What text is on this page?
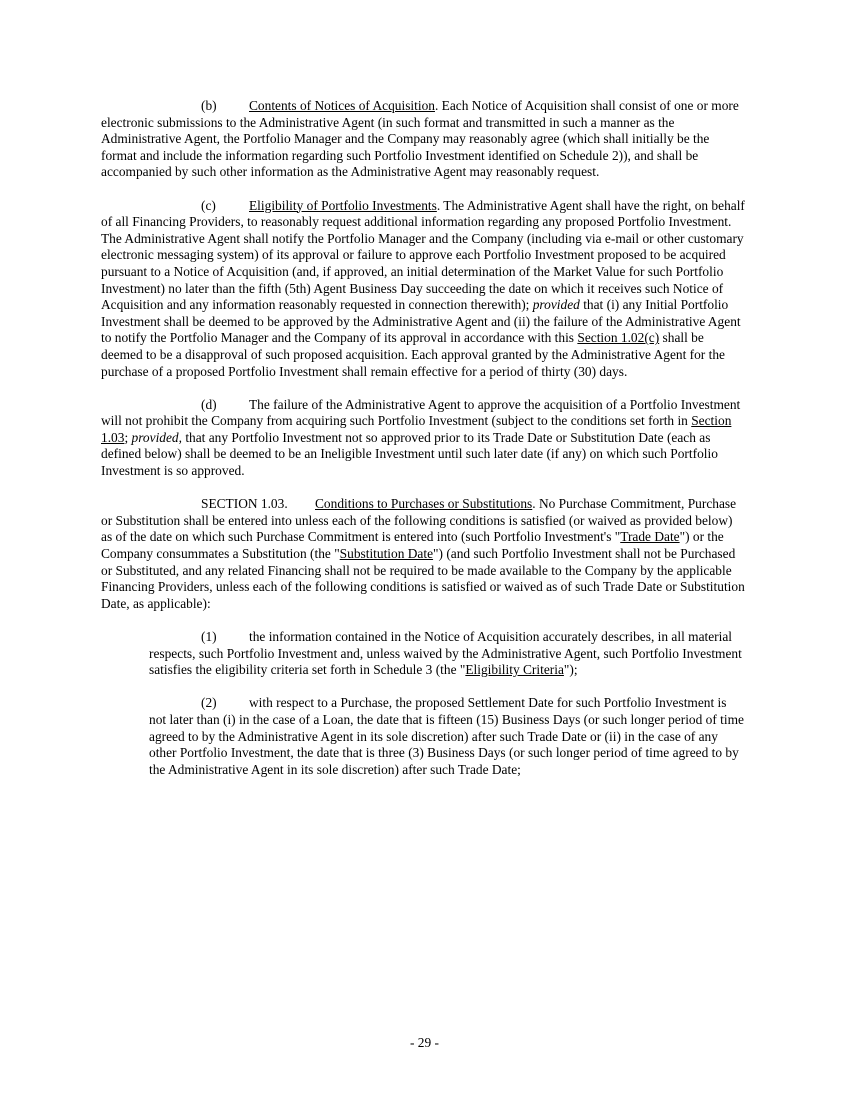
(b) Contents of Notices of Acquisition. Each Notice of Acquisition shall consist of one or more electronic submissions to the Administrative Agent (in such format and transmitted in such a manner as the Administrative Agent, the Portfolio Manager and the Company may reasonably agree (which shall initially be the format and include the information regarding such Portfolio Investment identified on Schedule 2)), and shall be accompanied by such other information as the Administrative Agent may reasonably request.

(c) Eligibility of Portfolio Investments. The Administrative Agent shall have the right, on behalf of all Financing Providers, to reasonably request additional information regarding any proposed Portfolio Investment. The Administrative Agent shall notify the Portfolio Manager and the Company (including via e-mail or other customary electronic messaging system) of its approval or failure to approve each Portfolio Investment proposed to be acquired pursuant to a Notice of Acquisition (and, if approved, an initial determination of the Market Value for such Portfolio Investment) no later than the fifth (5th) Agent Business Day succeeding the date on which it receives such Notice of Acquisition and any information reasonably requested in connection therewith); provided that (i) any Initial Portfolio Investment shall be deemed to be approved by the Administrative Agent and (ii) the failure of the Administrative Agent to notify the Portfolio Manager and the Company of its approval in accordance with this Section 1.02(c) shall be deemed to be a disapproval of such proposed acquisition. Each approval granted by the Administrative Agent for the purchase of a proposed Portfolio Investment shall remain effective for a period of thirty (30) days.

(d) The failure of the Administrative Agent to approve the acquisition of a Portfolio Investment will not prohibit the Company from acquiring such Portfolio Investment (subject to the conditions set forth in Section 1.03; provided, that any Portfolio Investment not so approved prior to its Trade Date or Substitution Date (each as defined below) shall be deemed to be an Ineligible Investment until such later date (if any) on which such Portfolio Investment is so approved.

SECTION 1.03. Conditions to Purchases or Substitutions. No Purchase Commitment, Purchase or Substitution shall be entered into unless each of the following conditions is satisfied (or waived as provided below) as of the date on which such Purchase Commitment is entered into (such Portfolio Investment's "Trade Date") or the Company consummates a Substitution (the "Substitution Date") (and such Portfolio Investment shall not be Purchased or Substituted, and any related Financing shall not be required to be made available to the Company by the applicable Financing Providers, unless each of the following conditions is satisfied or waived as of such Trade Date or Substitution Date, as applicable):

(1) the information contained in the Notice of Acquisition accurately describes, in all material respects, such Portfolio Investment and, unless waived by the Administrative Agent, such Portfolio Investment satisfies the eligibility criteria set forth in Schedule 3 (the "Eligibility Criteria");

(2) with respect to a Purchase, the proposed Settlement Date for such Portfolio Investment is not later than (i) in the case of a Loan, the date that is fifteen (15) Business Days (or such longer period of time agreed to by the Administrative Agent in its sole discretion) after such Trade Date or (ii) in the case of any other Portfolio Investment, the date that is three (3) Business Days (or such longer period of time agreed to by the Administrative Agent in its sole discretion) after such Trade Date;

- 29 -
